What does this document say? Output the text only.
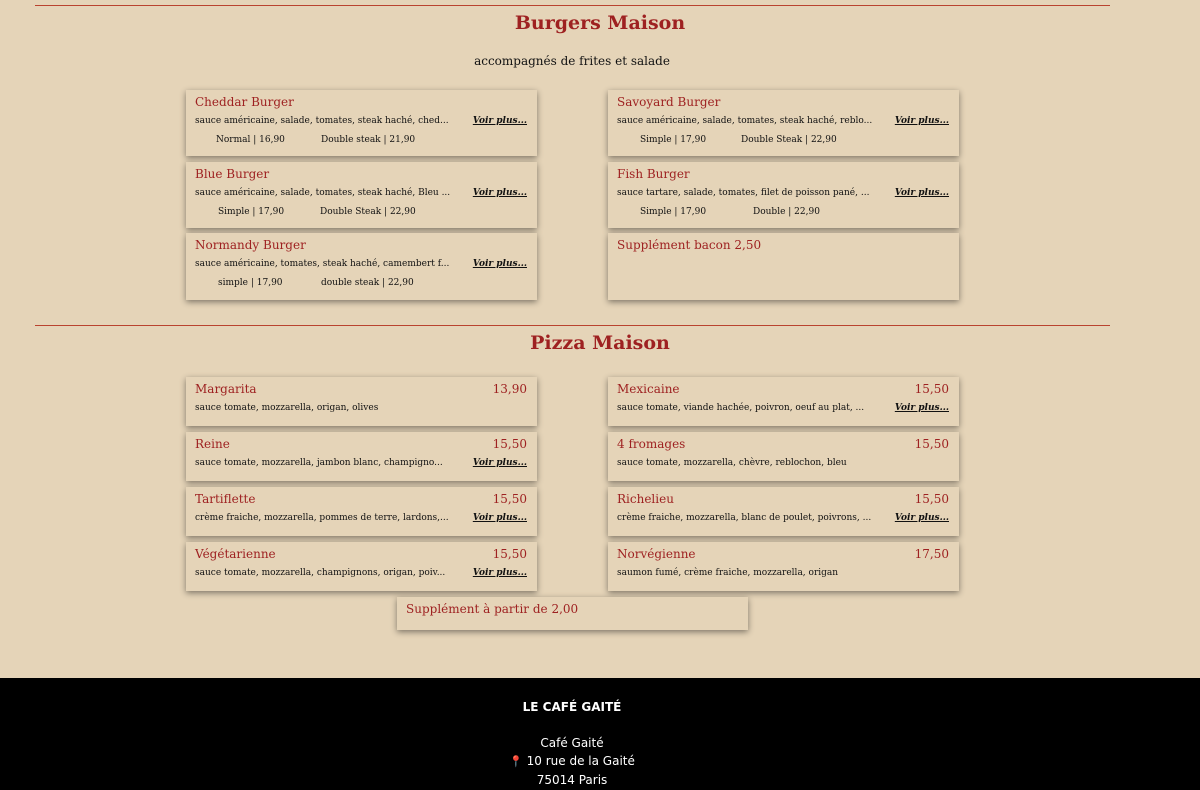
Burgers Maison
accompagnés de frites et salade
Cheddar Burger
sauce américaine, salade, tomates, steak haché, ched...	Voir plus...
Normal | 16,90	Double steak | 21,90
Savoyard Burger
sauce américaine, salade, tomates, steak haché, reblo...	Voir plus...
Simple | 17,90	Double Steak | 22,90
Blue Burger
sauce américaine, salade, tomates, steak haché, Bleu ...	Voir plus...
Simple | 17,90	Double Steak | 22,90
Fish Burger
sauce tartare, salade, tomates, filet de poisson pané, ...	Voir plus...
Simple | 17,90	Double | 22,90
Normandy Burger
sauce américaine, tomates, steak haché, camembert f...	Voir plus...
simple | 17,90	double steak | 22,90
Supplément bacon 2,50
Pizza Maison
Margarita	13,90
sauce tomate, mozzarella, origan, olives
Mexicaine	15,50
sauce tomate, viande hachée, poivron, oeuf au plat, ...	Voir plus...
Reine	15,50
sauce tomate, mozzarella, jambon blanc, champigno...	Voir plus...
4 fromages	15,50
sauce tomate, mozzarella, chèvre, reblochon, bleu
Tartiflette	15,50
crème fraiche, mozzarella, pommes de terre, lardons,...	Voir plus...
Richelieu	15,50
crème fraiche, mozzarella, blanc de poulet, poivrons, ...	Voir plus...
Végétarienne	15,50
sauce tomate, mozzarella, champignons, origan, poiv...	Voir plus...
Norvégienne	17,50
saumon fumé, crème fraiche, mozzarella, origan
Supplément à partir de 2,00
LE CAFÉ GAITÉ
Café Gaité
📍 10 rue de la Gaité
75014 Paris
